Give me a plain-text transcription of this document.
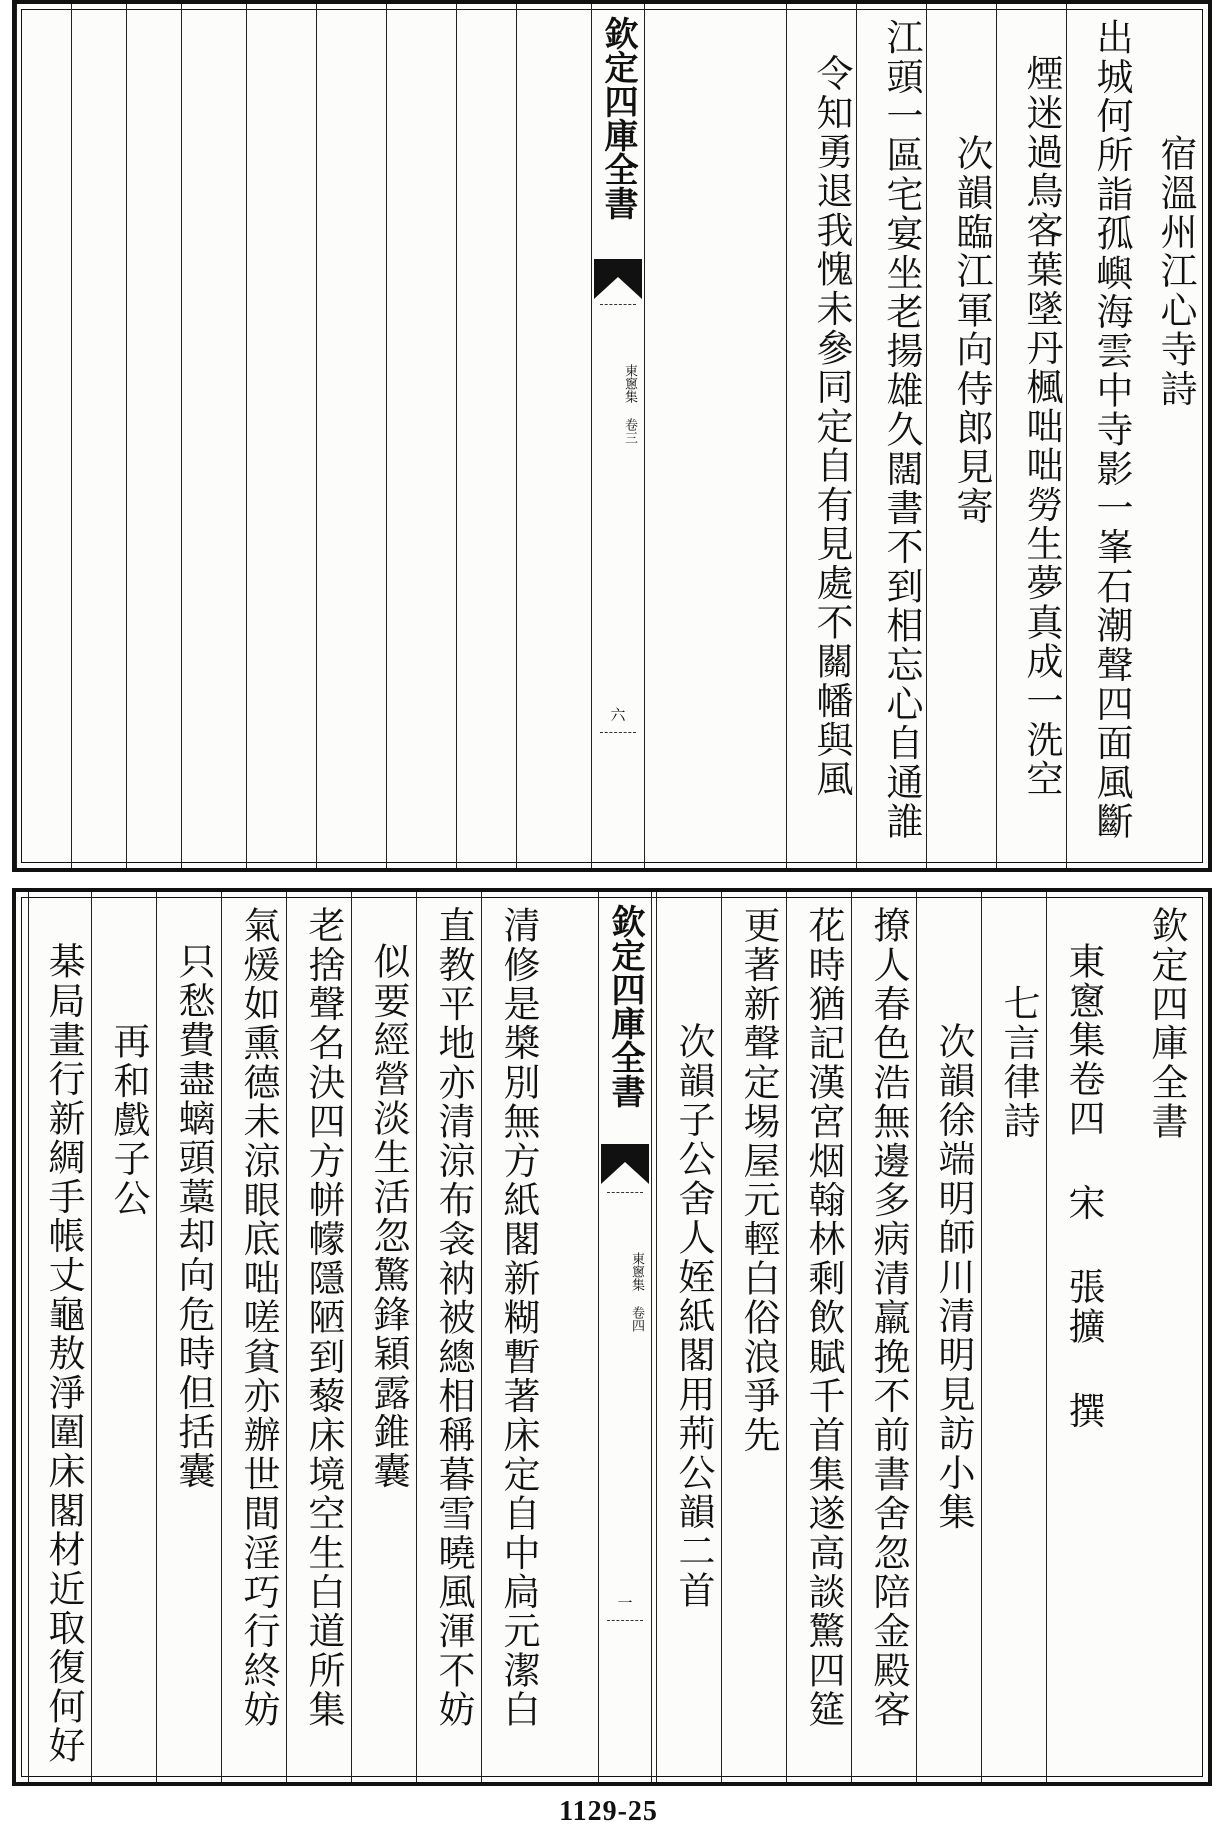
欽定四庫全書
東窻集 卷三
六	令知勇退我愧未參同定自有見處不關幡與風 江頭一區宅宴坐老揚雄久闊書不到相忘心自通誰 次韻臨江軍向侍郎見寄 煙迷過鳥客葉墜丹楓咄咄勞生夢真成一洗空 出城何所詣孤嶼海雲中寺影一峯石潮聲四面風斷 宿溫州江心寺詩
棊局畫行新綢手帳丈龜敖淨圍床閣材近取復何好 再和戲子公 只愁費盡螭頭藁却向危時但括囊 氣煖如熏德未涼眼底咄嗟貧亦辦世間淫巧行終妨 老捨聲名決四方帡幪隱陋到藜床境空生白道所集 似要經營淡生活忽驚鋒穎露錐囊 直教平地亦清涼布衾衲被總相稱暮雪曉風渾不妨 清修是槳別無方紙閣新糊暫著床定自中扃元潔白 欽定四庫全書
東窻集 卷四
一	次韻子公舍人姪紙閣用荊公韻二首 更著新聲定埸屋元輕白俗浪爭先 花時猶記漢宮烟翰林剩飲賦千首集遂高談驚四筵 撩人春色浩無邊多病清羸挽不前書舍忽陪金殿客 次韻徐端明師川清明見訪小集 七言律詩 東窻集卷四 宋 張擴 撰	欽定四庫全書
1129-25
